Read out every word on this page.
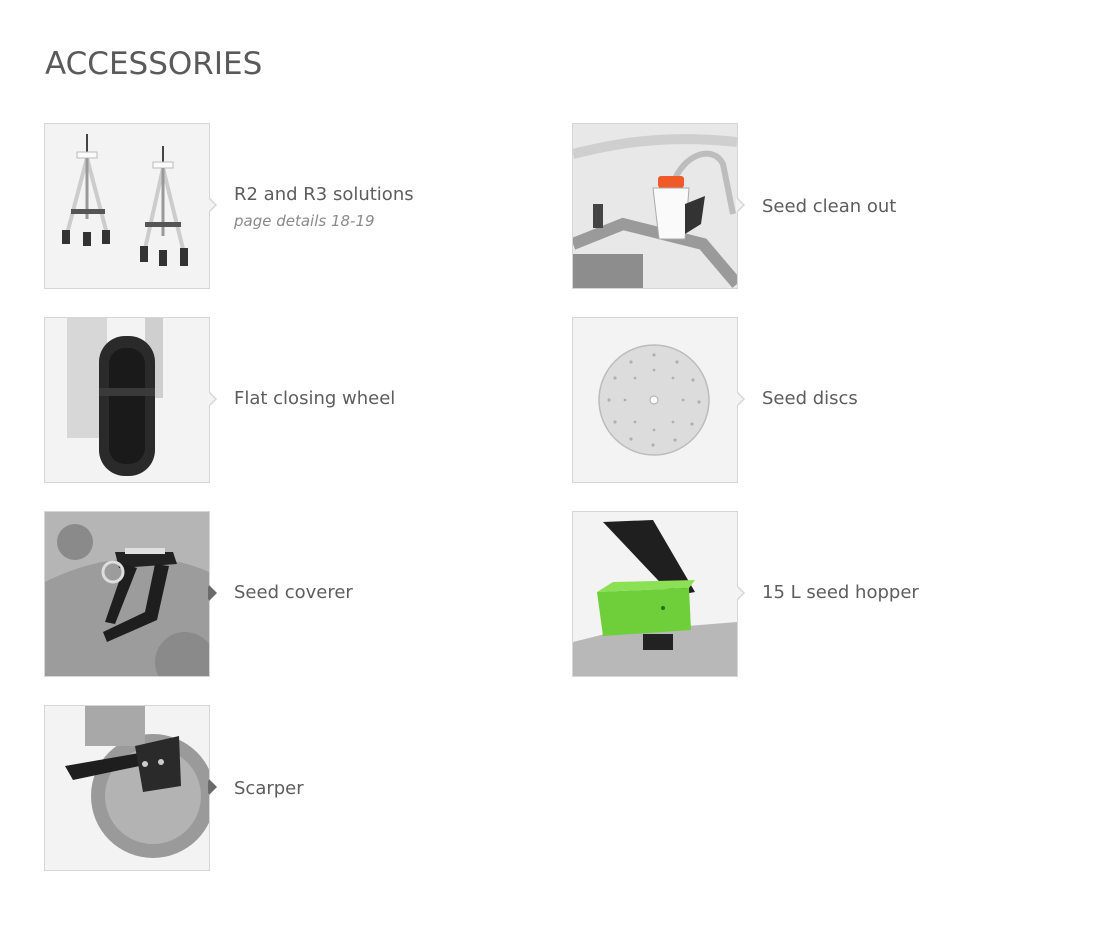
ACCESSORIES
R2 and R3 solutions
page details 18-19
Seed clean out
Flat closing wheel	Seed discs
Seed coverer	15 L seed hopper
Scarper
